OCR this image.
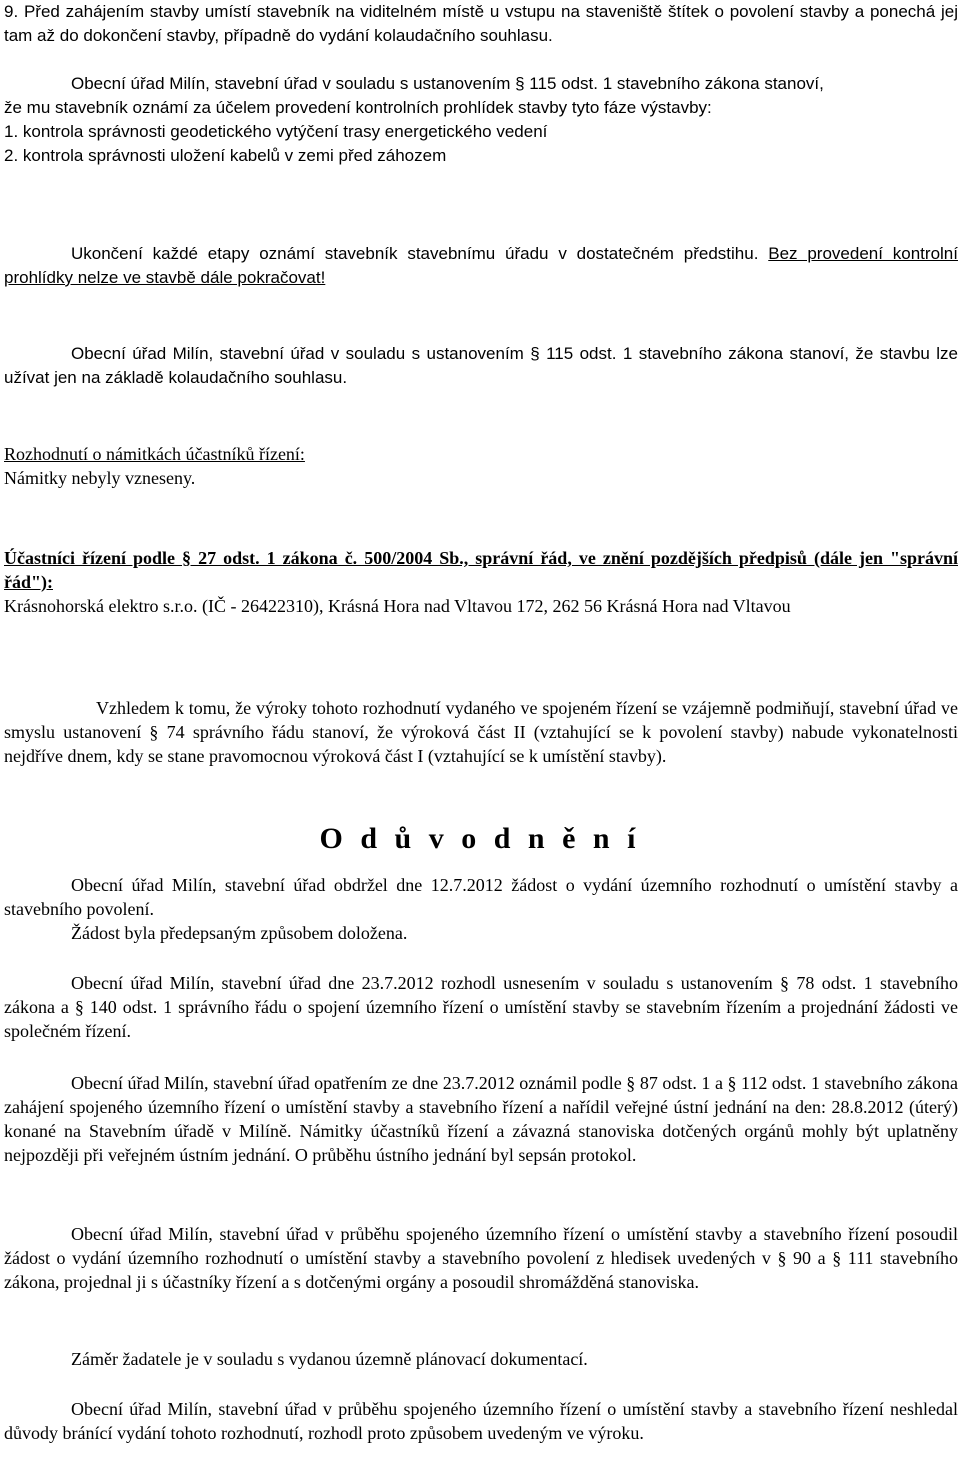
9. Před zahájením stavby umístí stavebník na viditelném místě u vstupu na staveniště štítek o povolení stavby a ponechá jej tam až do dokončení stavby, případně do vydání kolaudačního souhlasu.

Obecní úřad Milín, stavební úřad v souladu s ustanovením § 115 odst. 1 stavebního zákona stanoví,
že mu stavebník oznámí za účelem provedení kontrolních prohlídek stavby tyto fáze výstavby:
1. kontrola správnosti geodetického vytýčení trasy energetického vedení
2. kontrola správnosti uložení kabelů v zemi před záhozem

Ukončení každé etapy oznámí stavebník stavebnímu úřadu v dostatečném předstihu. Bez provedení kontrolní prohlídky nelze ve stavbě dále pokračovat!

Obecní úřad Milín, stavební úřad v souladu s ustanovením § 115 odst. 1 stavebního zákona stanoví, že stavbu lze užívat jen na základě kolaudačního souhlasu.

Rozhodnutí o námitkách účastníků řízení:
Námitky nebyly vzneseny.
Účastníci řízení podle § 27 odst. 1 zákona č. 500/2004 Sb., správní řád, ve znění pozdějších předpisů (dále jen "správní řád"):
Krásnohorská elektro s.r.o. (IČ - 26422310), Krásná Hora nad Vltavou 172, 262 56 Krásná Hora nad Vltavou

Vzhledem k tomu, že výroky tohoto rozhodnutí vydaného ve spojeném řízení se vzájemně podmiňují, stavební úřad ve smyslu ustanovení § 74 správního řádu stanoví, že výroková část II (vztahující se k povolení stavby) nabude vykonatelnosti nejdříve dnem, kdy se stane pravomocnou výroková část I (vztahující se k umístění stavby).

O d ů v o d n ě n í
Obecní úřad Milín, stavební úřad obdržel dne 12.7.2012 žádost o vydání územního rozhodnutí o umístění stavby a stavebního povolení.
Žádost byla předepsaným způsobem doložena.

Obecní úřad Milín, stavební úřad dne 23.7.2012 rozhodl usnesením v souladu s ustanovením § 78 odst. 1 stavebního zákona a § 140 odst. 1 správního řádu o spojení územního řízení o umístění stavby se stavebním řízením a projednání žádosti ve společném řízení.

Obecní úřad Milín, stavební úřad opatřením ze dne 23.7.2012 oznámil podle § 87 odst. 1 a § 112 odst. 1 stavebního zákona zahájení spojeného územního řízení o umístění stavby a stavebního řízení a nařídil veřejné ústní jednání na den: 28.8.2012 (úterý) konané na Stavebním úřadě v Milíně. Námitky účastníků řízení a závazná stanoviska dotčených orgánů mohly být uplatněny nejpozději při veřejném ústním jednání. O průběhu ústního jednání byl sepsán protokol.

Obecní úřad Milín, stavební úřad v průběhu spojeného územního řízení o umístění stavby a stavebního řízení posoudil žádost o vydání územního rozhodnutí o umístění stavby a stavebního povolení z hledisek uvedených v § 90 a § 111 stavebního zákona, projednal ji s účastníky řízení a s dotčenými orgány a posoudil shromážděná stanoviska.

Záměr žadatele je v souladu s vydanou územně plánovací dokumentací.

Obecní úřad Milín, stavební úřad v průběhu spojeného územního řízení o umístění stavby a stavebního řízení neshledal důvody bránící vydání tohoto rozhodnutí, rozhodl proto způsobem uvedeným ve výroku.
